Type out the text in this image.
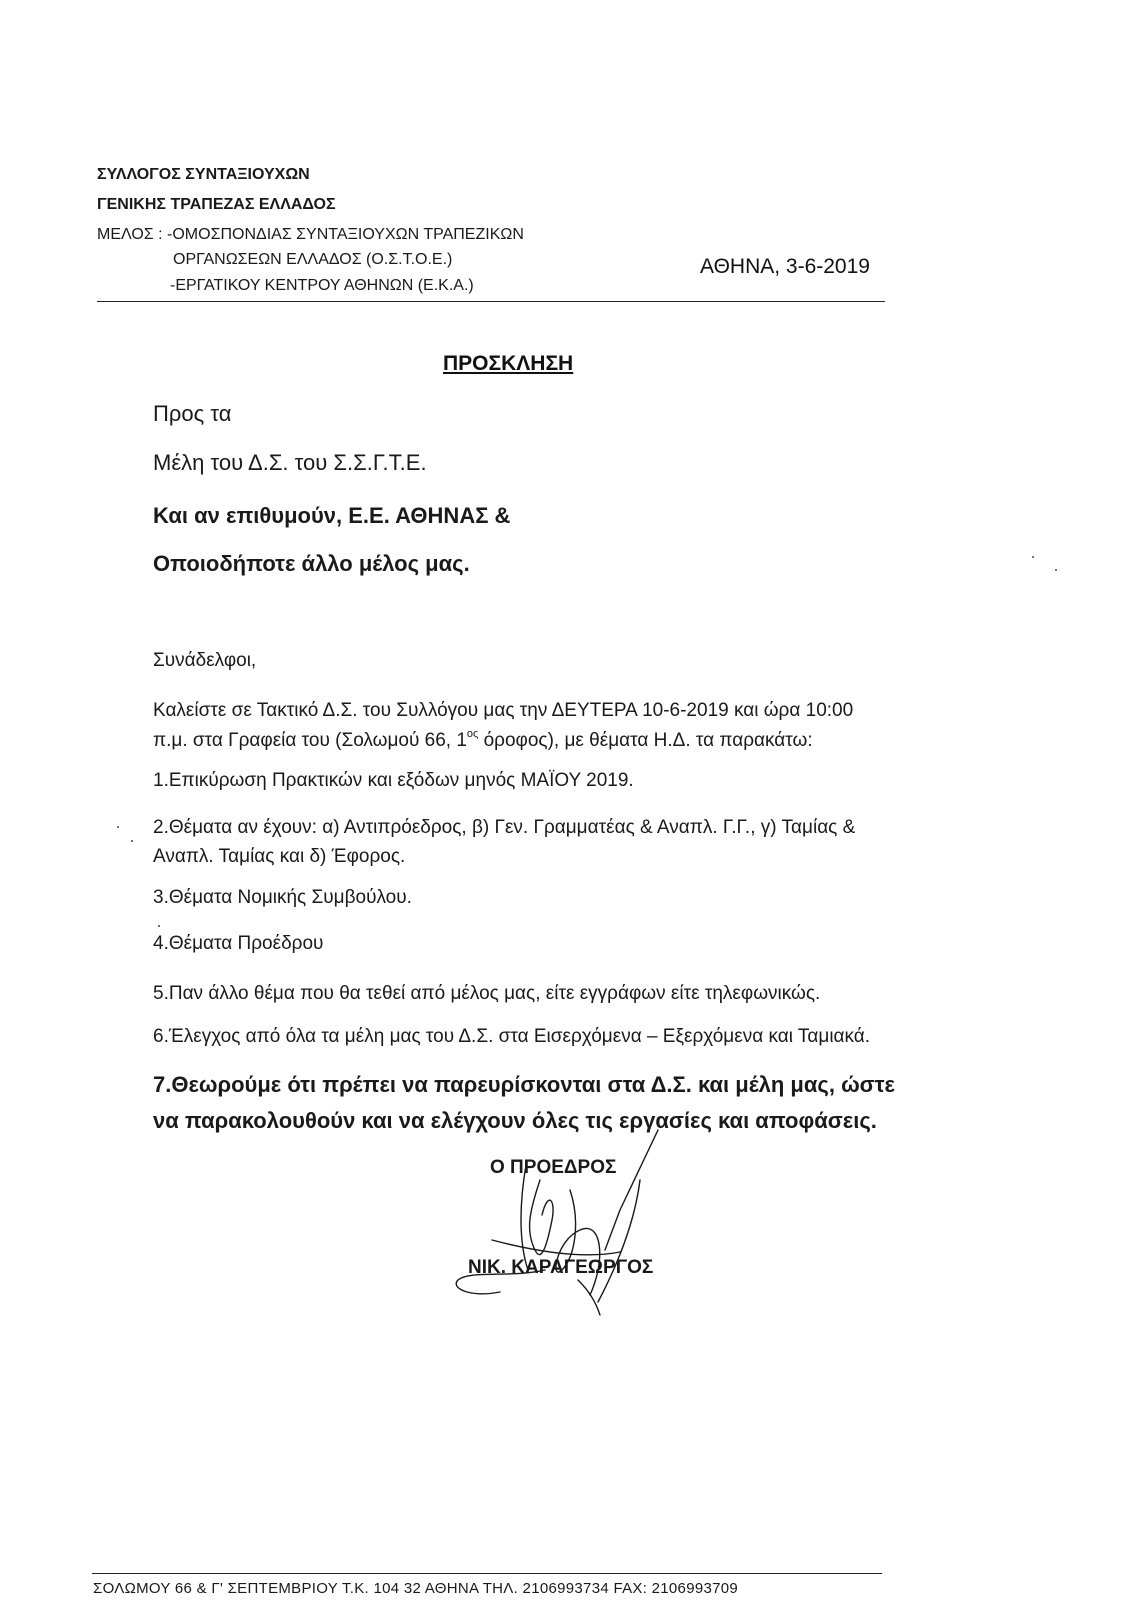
ΣΥΛΛΟΓΟΣ ΣΥΝΤΑΞΙΟΥΧΩΝ
ΓΕΝΙΚΗΣ ΤΡΑΠΕΖΑΣ ΕΛΛΑΔΟΣ
ΜΕΛΟΣ : -ΟΜΟΣΠΟΝΔΙΑΣ ΣΥΝΤΑΞΙΟΥΧΩΝ ΤΡΑΠΕΖΙΚΩΝ
ΟΡΓΑΝΩΣΕΩΝ ΕΛΛΑΔΟΣ (Ο.Σ.Τ.Ο.Ε.)
-ΕΡΓΑΤΙΚΟΥ ΚΕΝΤΡΟΥ ΑΘΗΝΩΝ (Ε.Κ.Α.)
ΑΘΗΝΑ, 3-6-2019
ΠΡΟΣΚΛΗΣΗ
Προς τα
Μέλη του Δ.Σ. του Σ.Σ.Γ.Τ.Ε.
Και αν επιθυμούν, Ε.Ε. ΑΘΗΝΑΣ &
Οποιοδήποτε άλλο μέλος μας.
Συνάδελφοι,
Καλείστε σε Τακτικό Δ.Σ. του Συλλόγου μας την ΔΕΥΤΕΡΑ 10-6-2019 και ώρα 10:00
π.μ. στα Γραφεία του (Σολωμού 66, $1^{o\varsigma}$ όροφος), με θέματα Η.Δ. τα παρακάτω:
1.Επικύρωση Πρακτικών και εξόδων μηνός ΜΑΪΟΥ 2019.
2.Θέματα αν έχουν: α) Αντιπρόεδρος, β) Γεν. Γραμματέας & Αναπλ. Γ.Γ., γ) Ταμίας &
Αναπλ. Ταμίας και δ) Έφορος.
3.Θέματα Νομικής Συμβούλου.
4.Θέματα Προέδρου
5.Παν άλλο θέμα που θα τεθεί από μέλος μας, είτε εγγράφων είτε τηλεφωνικώς.
6.Έλεγχος από όλα τα μέλη μας του Δ.Σ. στα Εισερχόμενα – Εξερχόμενα και Ταμιακά.
7.Θεωρούμε ότι πρέπει να παρευρίσκονται στα Δ.Σ. και μέλη μας, ώστε
να παρακολουθούν και να ελέγχουν όλες τις εργασίες και αποφάσεις.
Ο ΠΡΟΕΔΡΟΣ
ΝΙΚ. ΚΑΡΑΓΕΩΡΓΟΣ
ΣΟΛΩΜΟΥ 66 & Γ' ΣΕΠΤΕΜΒΡΙΟΥ Τ.Κ. 104 32 ΑΘΗΝΑ ΤΗΛ. 2106993734 FAX: 2106993709
